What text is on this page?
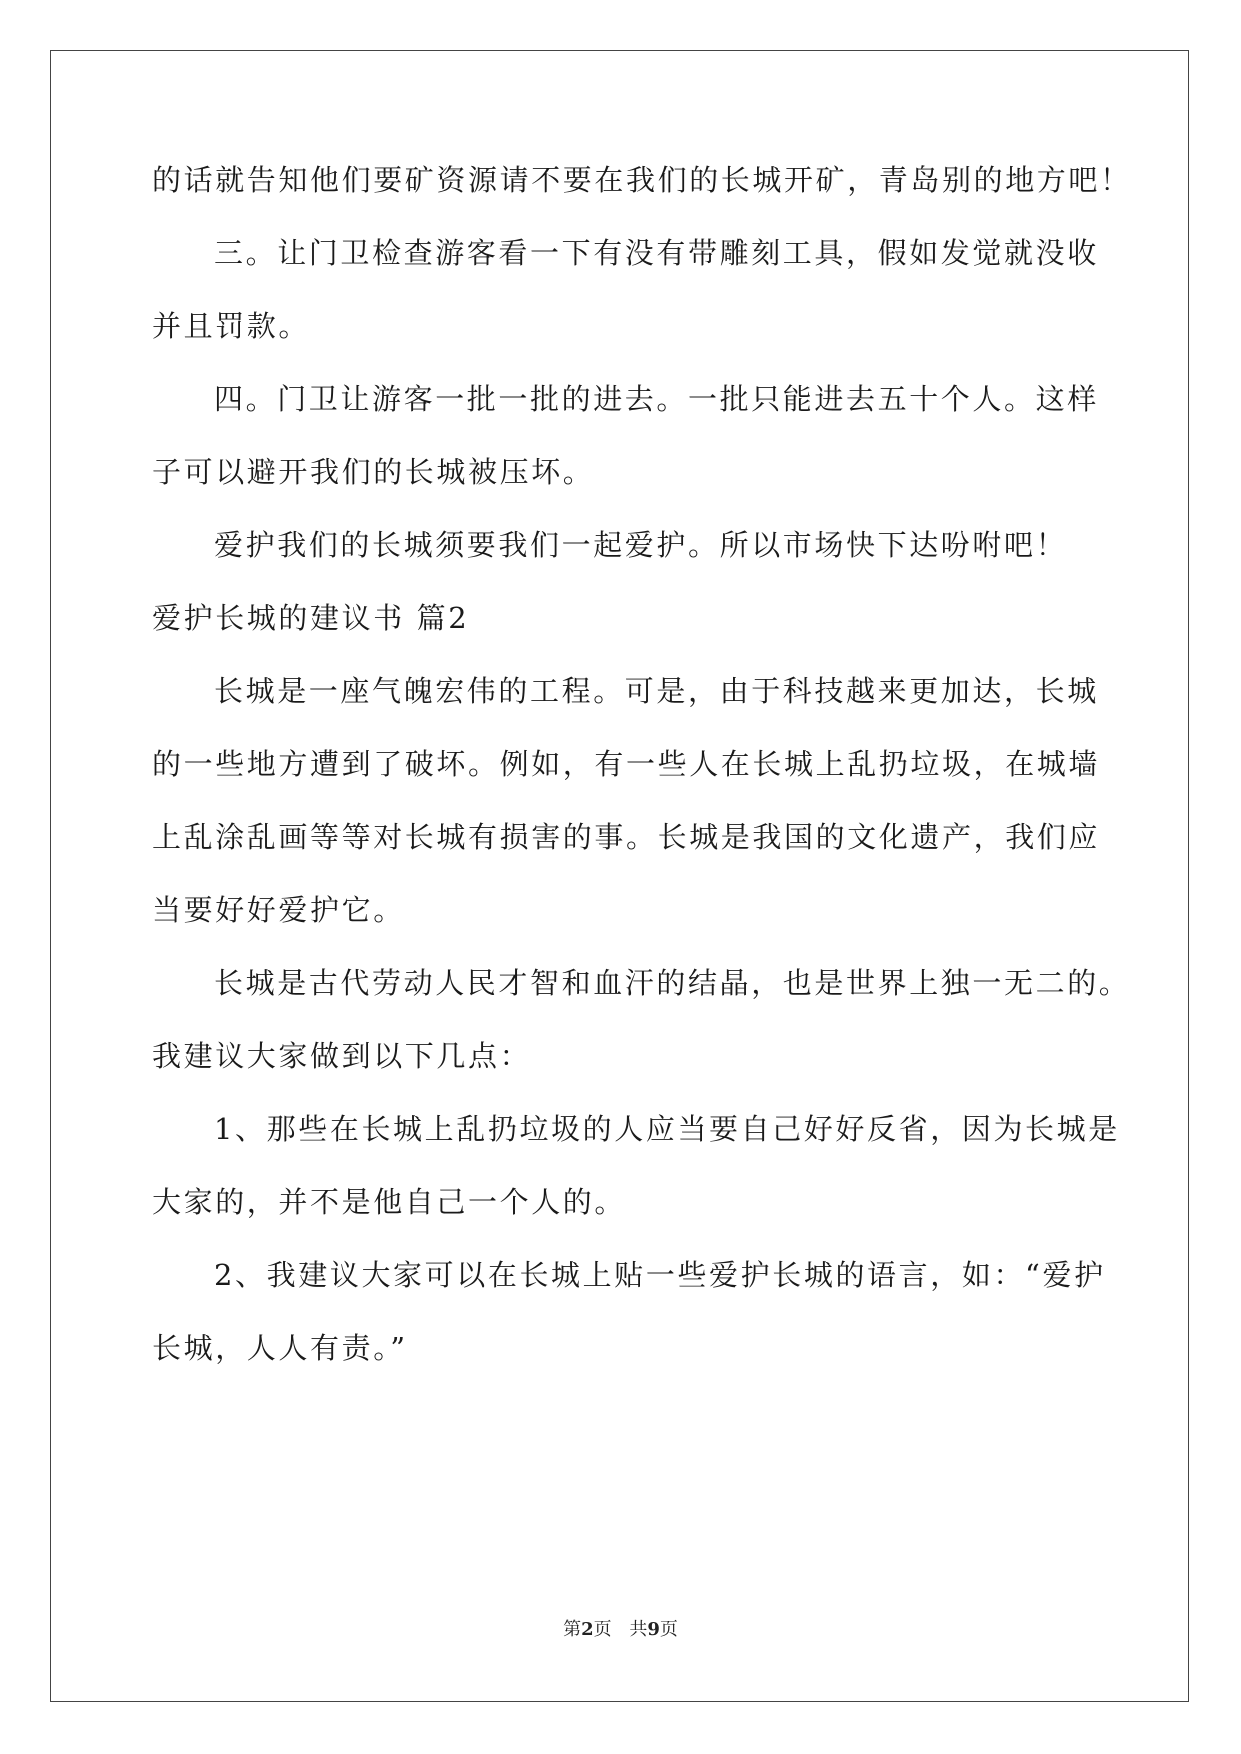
的话就告知他们要矿资源请不要在我们的长城开矿，青岛别的地方吧！
三。让门卫检查游客看一下有没有带雕刻工具，假如发觉就没收
并且罚款。
四。门卫让游客一批一批的进去。一批只能进去五十个人。这样
子可以避开我们的长城被压坏。
爱护我们的长城须要我们一起爱护。所以市场快下达吩咐吧！
爱护长城的建议书 篇2
长城是一座气魄宏伟的工程。可是，由于科技越来更加达，长城
的一些地方遭到了破坏。例如，有一些人在长城上乱扔垃圾，在城墙
上乱涂乱画等等对长城有损害的事。长城是我国的文化遗产，我们应
当要好好爱护它。
长城是古代劳动人民才智和血汗的结晶，也是世界上独一无二的。
我建议大家做到以下几点：
1、那些在长城上乱扔垃圾的人应当要自己好好反省，因为长城是
大家的，并不是他自己一个人的。
2、我建议大家可以在长城上贴一些爱护长城的语言，如：“爱护
长城，人人有责。”
第2页 共9页
